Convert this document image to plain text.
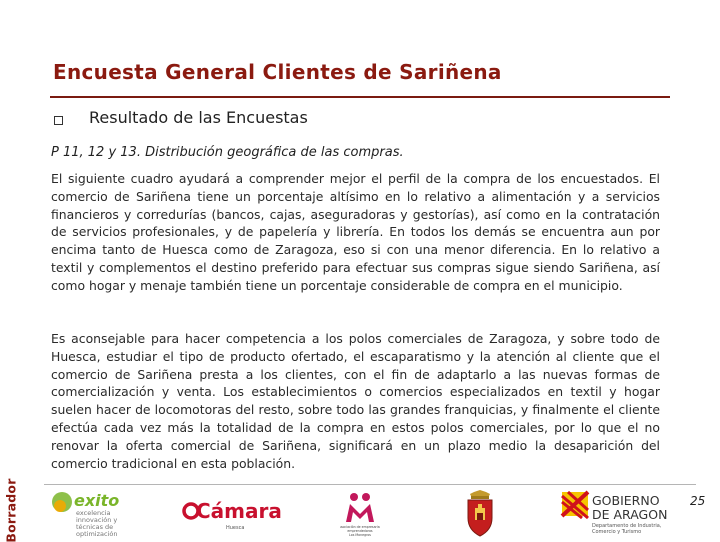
Encuesta General Clientes de Sariñena
Resultado de las Encuestas
P 11, 12 y 13. Distribución geográfica de las compras.

El siguiente cuadro ayudará a comprender mejor el perfil de la compra de los encuestados. El comercio de Sariñena tiene un porcentaje altísimo en lo relativo a alimentación y a servicios financieros y corredurías (bancos, cajas, aseguradoras y gestorías), así como en la contratación de servicios profesionales, y de papelería y librería. En todos los demás se encuentra aun por encima tanto de Huesca como de Zaragoza, eso si con una menor diferencia. En lo relativo a textil y complementos el destino preferido para efectuar sus compras sigue siendo Sariñena, así como hogar y menaje también tiene un porcentaje considerable de compra en el municipio.

Es aconsejable para hacer competencia a los polos comerciales de Zaragoza, y sobre todo de Huesca, estudiar el tipo de producto ofertado, el escaparatismo y la atención al cliente que el comercio de Sariñena presta a los clientes, con el fin de adaptarlo a las nuevas formas de comercialización y venta. Los establecimientos o comercios especializados en textil y hogar suelen hacer de locomotoras del resto, sobre todo las grandes franquicias, y finalmente el cliente efectúa cada vez más la totalidad de la compra en estos polos comerciales, por lo que el no renovar la oferta comercial de Sariñena, significará en un plazo medio la desaparición del comercio tradicional en esta población.

Borrador	exito
excelencia
innovación y
técnicas de
optimización
Cámara
Huesca	Asociación de empresarias
emprendedoras
Los Monegros
GOBIERNO
DE ARAGON
Departamento de Industria,
Comercio y Turismo
25
